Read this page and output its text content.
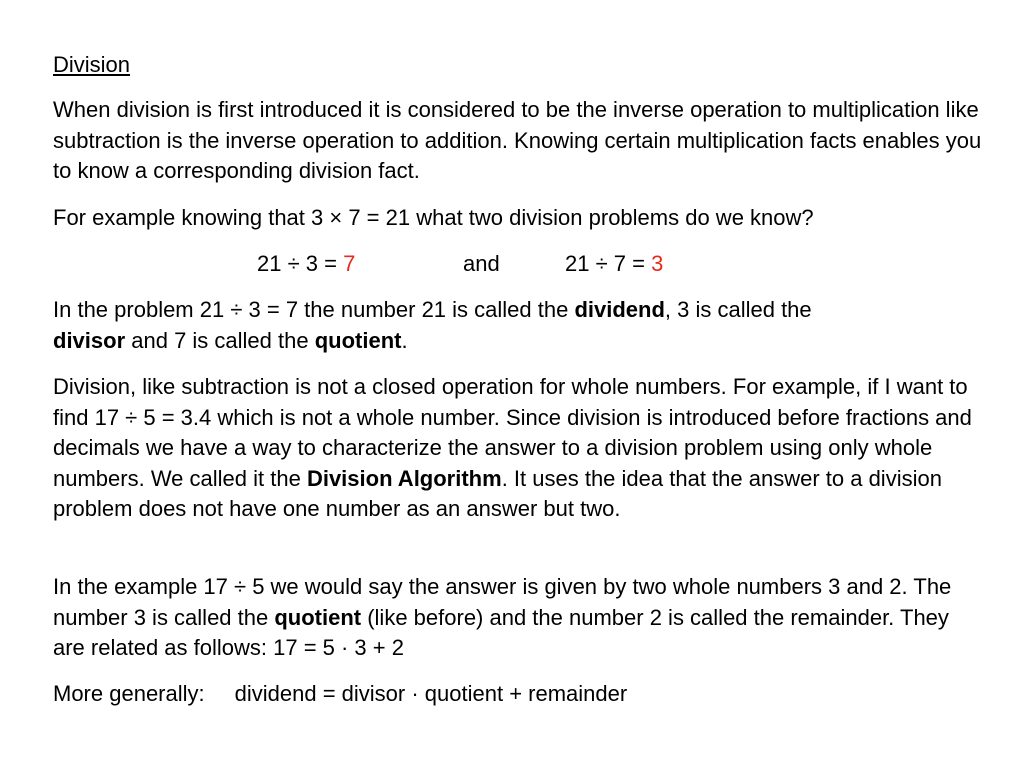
Division

When division is first introduced it is considered to be the inverse operation to multiplication like subtraction is the inverse operation to addition. Knowing certain multiplication facts enables you to know a corresponding division fact.

For example knowing that 3 × 7 = 21 what two division problems do we know?

21 ÷ 3 = 7	and	21 ÷ 7 = 3

In the problem 21 ÷ 3 = 7 the number 21 is called the dividend, 3 is called the
divisor and 7 is called the quotient.

Division, like subtraction is not a closed operation for whole numbers. For example, if I want to find 17 ÷ 5 = 3.4 which is not a whole number. Since division is introduced before fractions and decimals we have a way to characterize the answer to a division problem using only whole numbers. We called it the Division Algorithm. It uses the idea that the answer to a division problem does not have one number as an answer but two.

In the example 17 ÷ 5 we would say the answer is given by two whole numbers 3 and 2. The number 3 is called the quotient (like before) and the number 2 is called the remainder. They are related as follows: 17 = 5 · 3 + 2

More generally: dividend = divisor · quotient + remainder
